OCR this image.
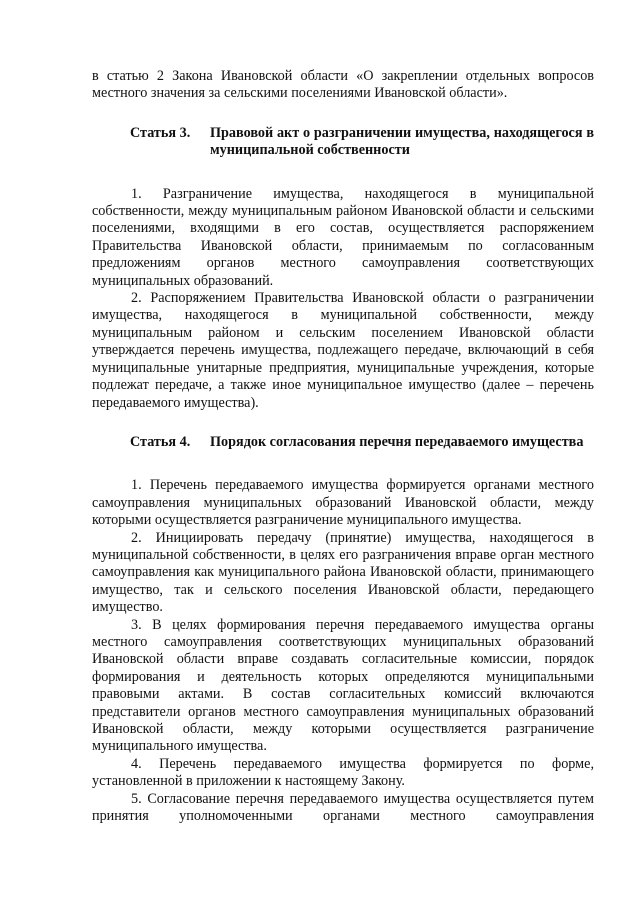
в статью 2 Закона Ивановской области «О закреплении отдельных вопросов местного значения за сельскими поселениями Ивановской области».

Статья 3.	Правовой акт о разграничении имущества, находящегося в муниципальной собственности

1. Разграничение имущества, находящегося в муниципальной собственности, между муниципальным районом Ивановской области и сельскими поселениями, входящими в его состав, осуществляется распоряжением Правительства Ивановской области, принимаемым по согласованным предложениям органов местного самоуправления соответствующих муниципальных образований.

2. Распоряжением Правительства Ивановской области о разграничении имущества, находящегося в муниципальной собственности, между муниципальным районом и сельским поселением Ивановской области утверждается перечень имущества, подлежащего передаче, включающий в себя муниципальные унитарные предприятия, муниципальные учреждения, которые подлежат передаче, а также иное муниципальное имущество (далее – перечень передаваемого имущества).

Статья 4.	Порядок согласования перечня передаваемого имущества

1. Перечень передаваемого имущества формируется органами местного самоуправления муниципальных образований Ивановской области, между которыми осуществляется разграничение муниципального имущества.

2. Инициировать передачу (принятие) имущества, находящегося в муниципальной собственности, в целях его разграничения вправе орган местного самоуправления как муниципального района Ивановской области, принимающего имущество, так и сельского поселения Ивановской области, передающего имущество.

3. В целях формирования перечня передаваемого имущества органы местного самоуправления соответствующих муниципальных образований Ивановской области вправе создавать согласительные комиссии, порядок формирования и деятельность которых определяются муниципальными правовыми актами. В состав согласительных комиссий включаются представители органов местного самоуправления муниципальных образований Ивановской области, между которыми осуществляется разграничение муниципального имущества.

4. Перечень передаваемого имущества формируется по форме, установленной в приложении к настоящему Закону.

5. Согласование перечня передаваемого имущества осуществляется путем принятия уполномоченными органами местного самоуправления
